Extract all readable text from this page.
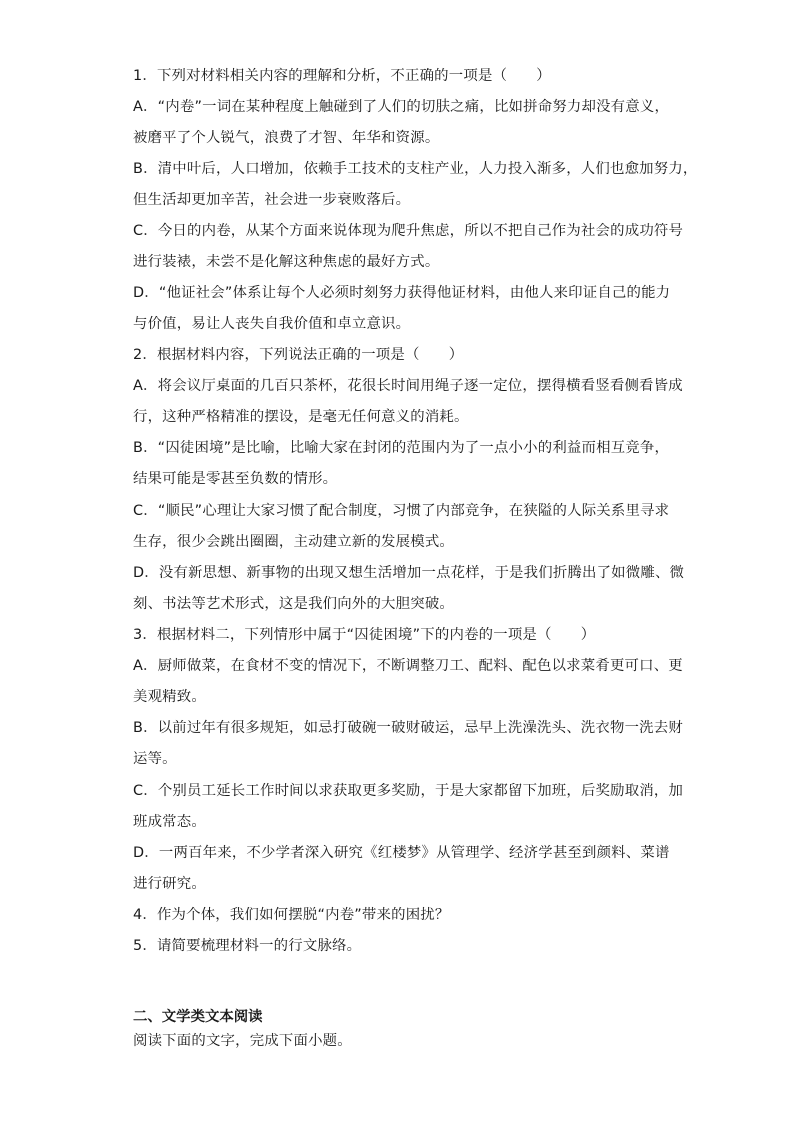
1．下列对材料相关内容的理解和分析，不正确的一项是（　　）
A．“内卷”一词在某种程度上触碰到了人们的切肤之痛，比如拼命努力却没有意义，
被磨平了个人锐气，浪费了才智、年华和资源。
B．清中叶后，人口增加，依赖手工技术的支柱产业，人力投入渐多，人们也愈加努力，
但生活却更加辛苦，社会进一步衰败落后。
C．今日的内卷，从某个方面来说体现为爬升焦虑，所以不把自己作为社会的成功符号
进行装裱，未尝不是化解这种焦虑的最好方式。
D．“他证社会”体系让每个人必须时刻努力获得他证材料，由他人来印证自己的能力
与价值，易让人丧失自我价值和卓立意识。
2．根据材料内容，下列说法正确的一项是（　　）
A．将会议厅桌面的几百只茶杯，花很长时间用绳子逐一定位，摆得横看竖看侧看皆成
行，这种严格精准的摆设，是毫无任何意义的消耗。
B．“囚徒困境”是比喻，比喻大家在封闭的范围内为了一点小小的利益而相互竞争，
结果可能是零甚至负数的情形。
C．“顺民”心理让大家习惯了配合制度，习惯了内部竞争，在狭隘的人际关系里寻求
生存，很少会跳出圈圈，主动建立新的发展模式。
D．没有新思想、新事物的出现又想生活增加一点花样，于是我们折腾出了如微雕、微
刻、书法等艺术形式，这是我们向外的大胆突破。
3．根据材料二，下列情形中属于“囚徒困境”下的内卷的一项是（　　）
A．厨师做菜，在食材不变的情况下，不断调整刀工、配料、配色以求菜肴更可口、更
美观精致。
B．以前过年有很多规矩，如忌打破碗一破财破运，忌早上洗澡洗头、洗衣物一洗去财
运等。
C．个别员工延长工作时间以求获取更多奖励，于是大家都留下加班，后奖励取消，加
班成常态。
D．一两百年来，不少学者深入研究《红楼梦》从管理学、经济学甚至到颜料、菜谱
进行研究。
4．作为个体，我们如何摆脱“内卷”带来的困扰？
5．请简要梳理材料一的行文脉络。
二、文学类文本阅读
阅读下面的文字，完成下面小题。
